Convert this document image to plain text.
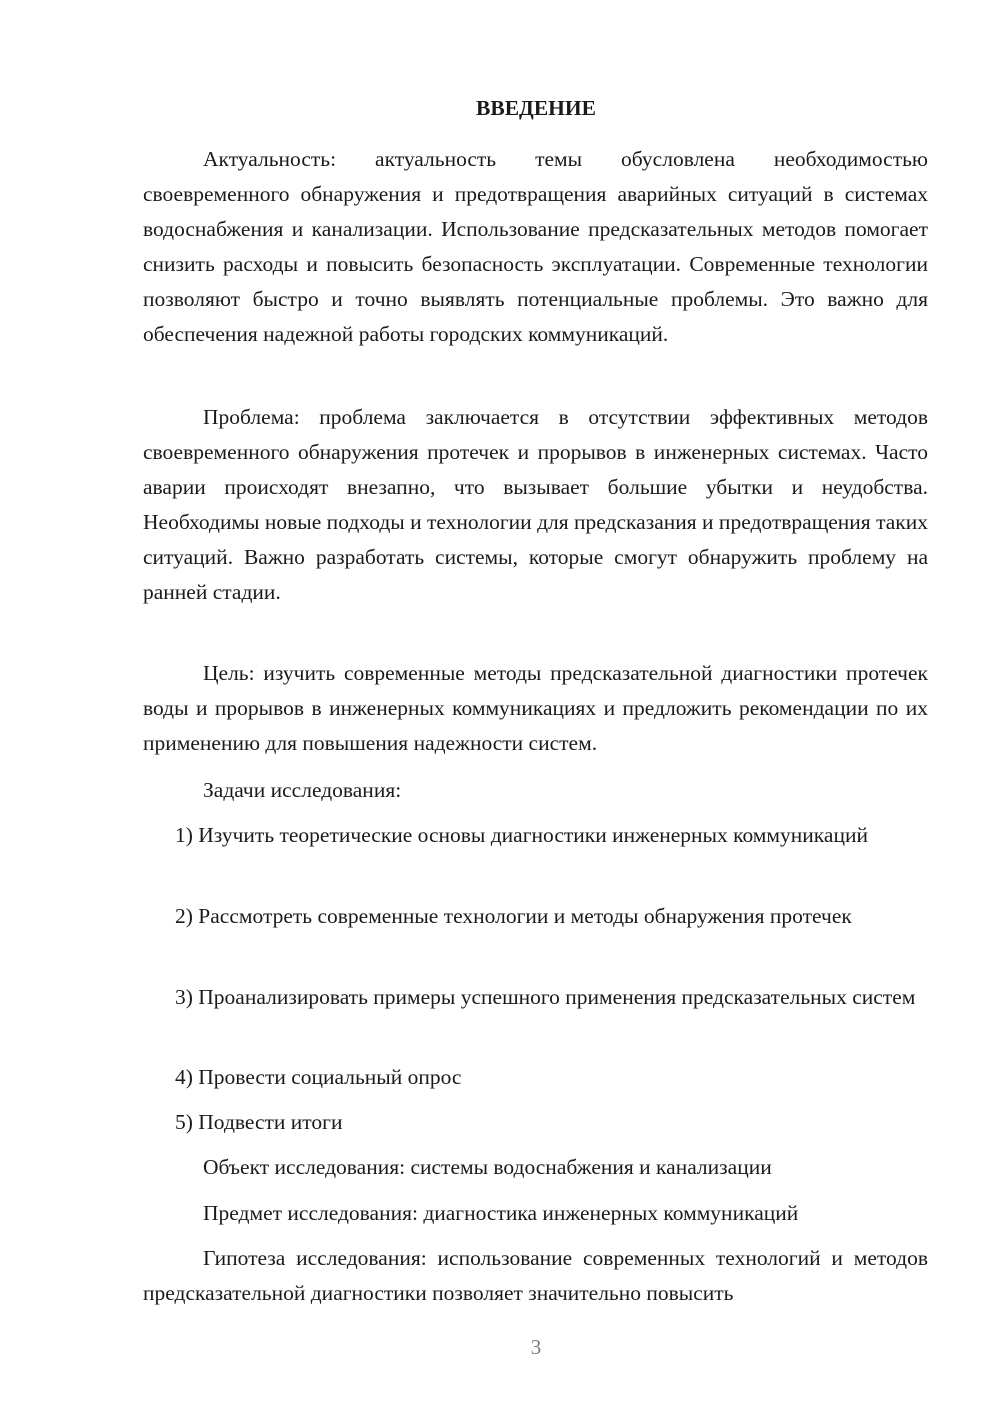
ВВЕДЕНИЕ

Актуальность: актуальность темы обусловлена необходимостью своевременного обнаружения и предотвращения аварийных ситуаций в системах водоснабжения и канализации. Использование предсказательных методов помогает снизить расходы и повысить безопасность эксплуатации. Современные технологии позволяют быстро и точно выявлять потенциальные проблемы. Это важно для обеспечения надежной работы городских коммуникаций.

Проблема: проблема заключается в отсутствии эффективных методов своевременного обнаружения протечек и прорывов в инженерных системах. Часто аварии происходят внезапно, что вызывает большие убытки и неудобства. Необходимы новые подходы и технологии для предсказания и предотвращения таких ситуаций. Важно разработать системы, которые смогут обнаружить проблему на ранней стадии.

Цель: изучить современные методы предсказательной диагностики протечек воды и прорывов в инженерных коммуникациях и предложить рекомендации по их применению для повышения надежности систем.

Задачи исследования:

1) Изучить теоретические основы диагностики инженерных коммуникаций

2) Рассмотреть современные технологии и методы обнаружения протечек

3) Проанализировать примеры успешного применения предсказательных систем

4) Провести социальный опрос

5) Подвести итоги

Объект исследования: системы водоснабжения и канализации

Предмет исследования: диагностика инженерных коммуникаций

Гипотеза исследования: использование современных технологий и методов предсказательной диагностики позволяет значительно повысить

3
